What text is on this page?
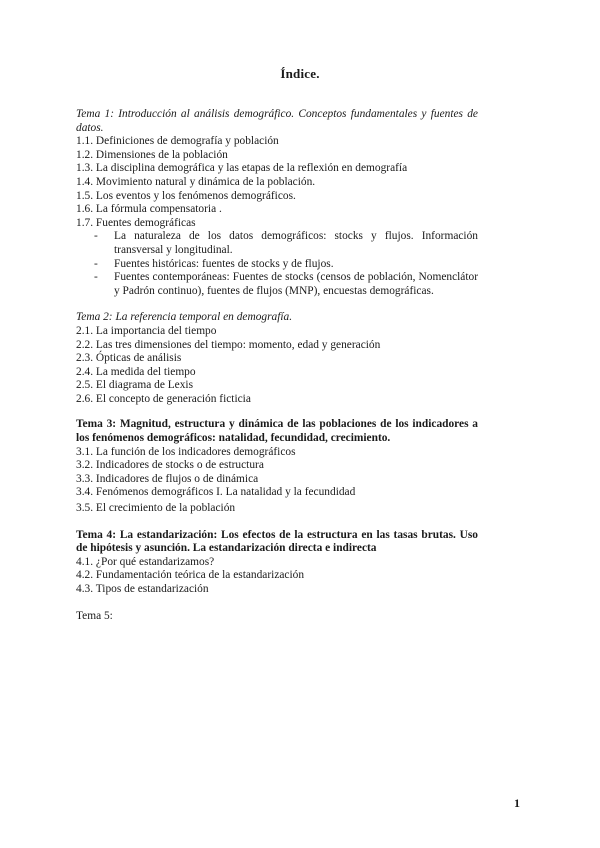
Índice.
Tema 1: Introducción al análisis demográfico. Conceptos fundamentales y fuentes de datos.
1.1. Definiciones de demografía y población
1.2. Dimensiones de la población
1.3. La disciplina demográfica y las etapas de la reflexión en demografía
1.4. Movimiento natural y dinámica de la población.
1.5. Los eventos y los fenómenos demográficos.
1.6. La fórmula compensatoria .
1.7. Fuentes demográficas
- La naturaleza de los datos demográficos: stocks y flujos. Información transversal y longitudinal.
- Fuentes históricas: fuentes de stocks y de flujos.
- Fuentes contemporáneas: Fuentes de stocks (censos de población, Nomenclátor y Padrón continuo), fuentes de flujos (MNP), encuestas demográficas.
Tema 2: La referencia temporal en demografía.
2.1. La importancia del tiempo
2.2. Las tres dimensiones del tiempo: momento, edad y generación
2.3. Ópticas de análisis
2.4. La medida del tiempo
2.5. El diagrama de Lexis
2.6. El concepto de generación ficticia
Tema 3: Magnitud, estructura y dinámica de las poblaciones de los indicadores a los fenómenos demográficos: natalidad, fecundidad, crecimiento.
3.1. La función de los indicadores demográficos
3.2. Indicadores de stocks o de estructura
3.3. Indicadores de flujos o de dinámica
3.4. Fenómenos demográficos I. La natalidad y la fecundidad
3.5. El crecimiento de la población
Tema 4: La estandarización: Los efectos de la estructura en las tasas brutas. Uso de hipótesis y asunción. La estandarización directa e indirecta
4.1. ¿Por qué estandarizamos?
4.2. Fundamentación teórica de la estandarización
4.3. Tipos de estandarización
Tema 5:
1
